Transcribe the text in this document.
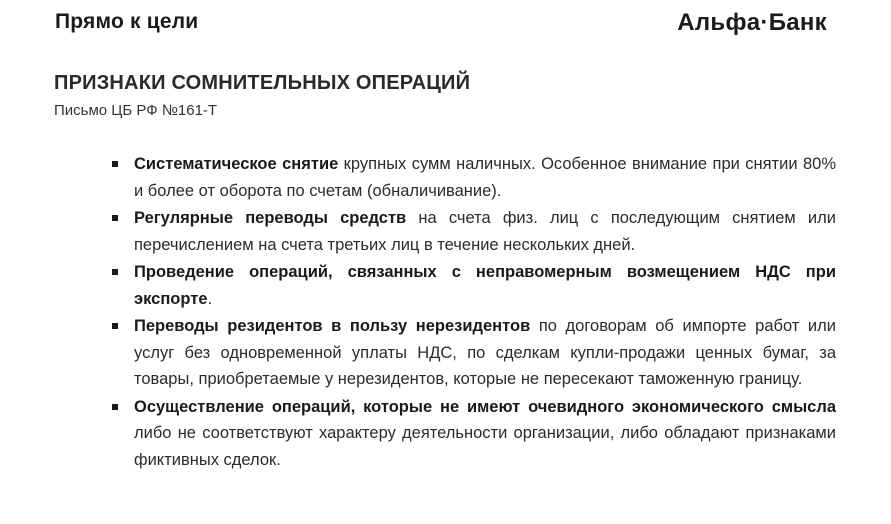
Прямо к цели	Альфа·Банк
ПРИЗНАКИ СОМНИТЕЛЬНЫХ ОПЕРАЦИЙ
Письмо ЦБ РФ №161-Т
Систематическое снятие крупных сумм наличных. Особенное внимание при снятии 80% и более от оборота по счетам (обналичивание).
Регулярные переводы средств на счета физ. лиц с последующим снятием или перечислением на счета третьих лиц в течение нескольких дней.
Проведение операций, связанных с неправомерным возмещением НДС при экспорте.
Переводы резидентов в пользу нерезидентов по договорам об импорте работ или услуг без одновременной уплаты НДС, по сделкам купли-продажи ценных бумаг, за товары, приобретаемые у нерезидентов, которые не пересекают таможенную границу.
Осуществление операций, которые не имеют очевидного экономического смысла либо не соответствуют характеру деятельности организации, либо обладают признаками фиктивных сделок.
